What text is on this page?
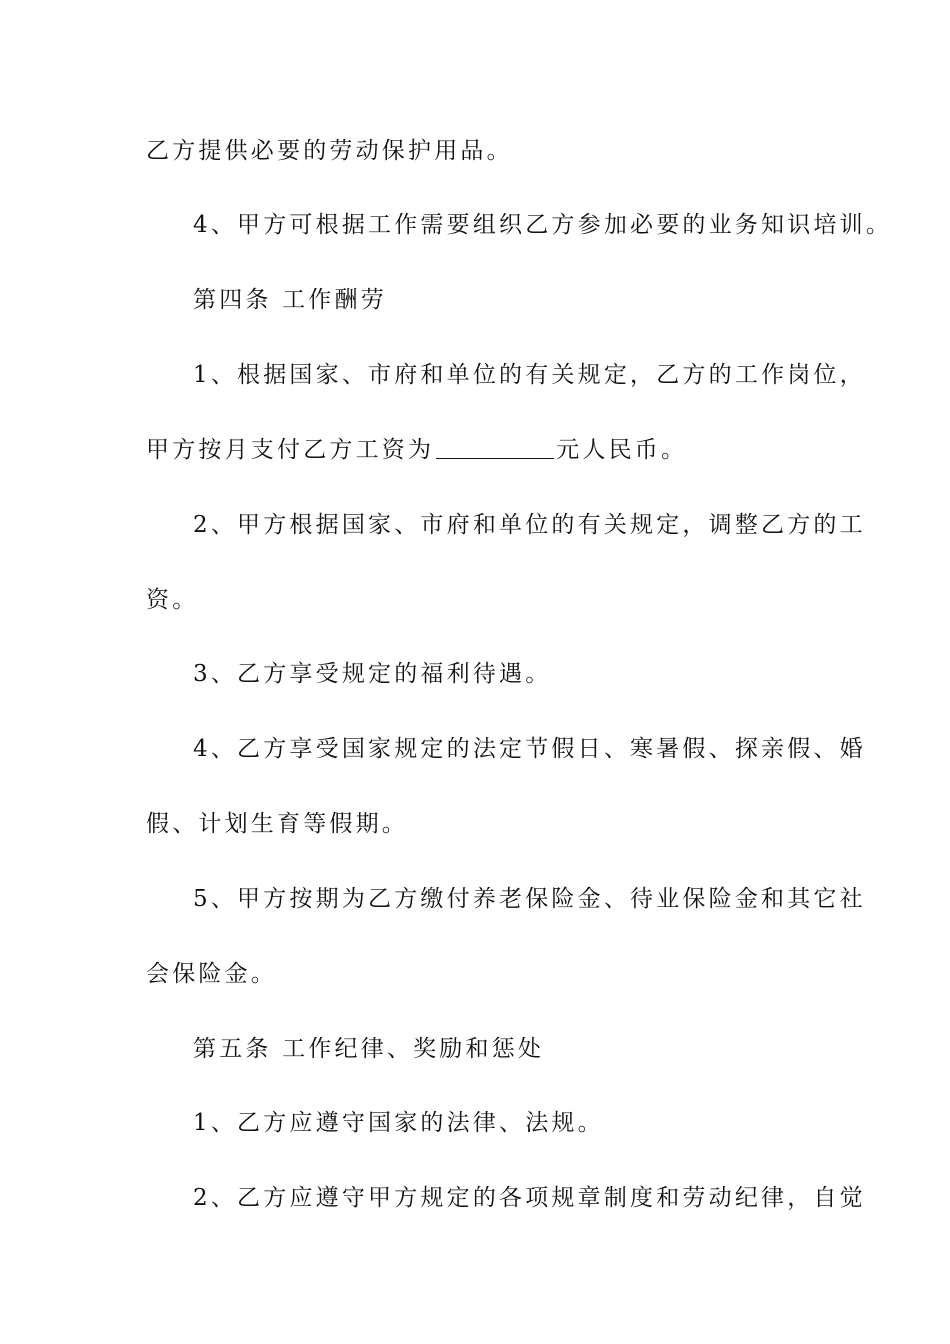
乙方提供必要的劳动保护用品。
4、甲方可根据工作需要组织乙方参加必要的业务知识培训。
第四条 工作酬劳
1、根据国家、市府和单位的有关规定，乙方的工作岗位，
甲方按月支付乙方工资为	元人民币。
2、甲方根据国家、市府和单位的有关规定，调整乙方的工
资。
3、乙方享受规定的福利待遇。
4、乙方享受国家规定的法定节假日、寒暑假、探亲假、婚
假、计划生育等假期。
5、甲方按期为乙方缴付养老保险金、待业保险金和其它社
会保险金。
第五条 工作纪律、奖励和惩处
1、乙方应遵守国家的法律、法规。
2、乙方应遵守甲方规定的各项规章制度和劳动纪律，自觉
